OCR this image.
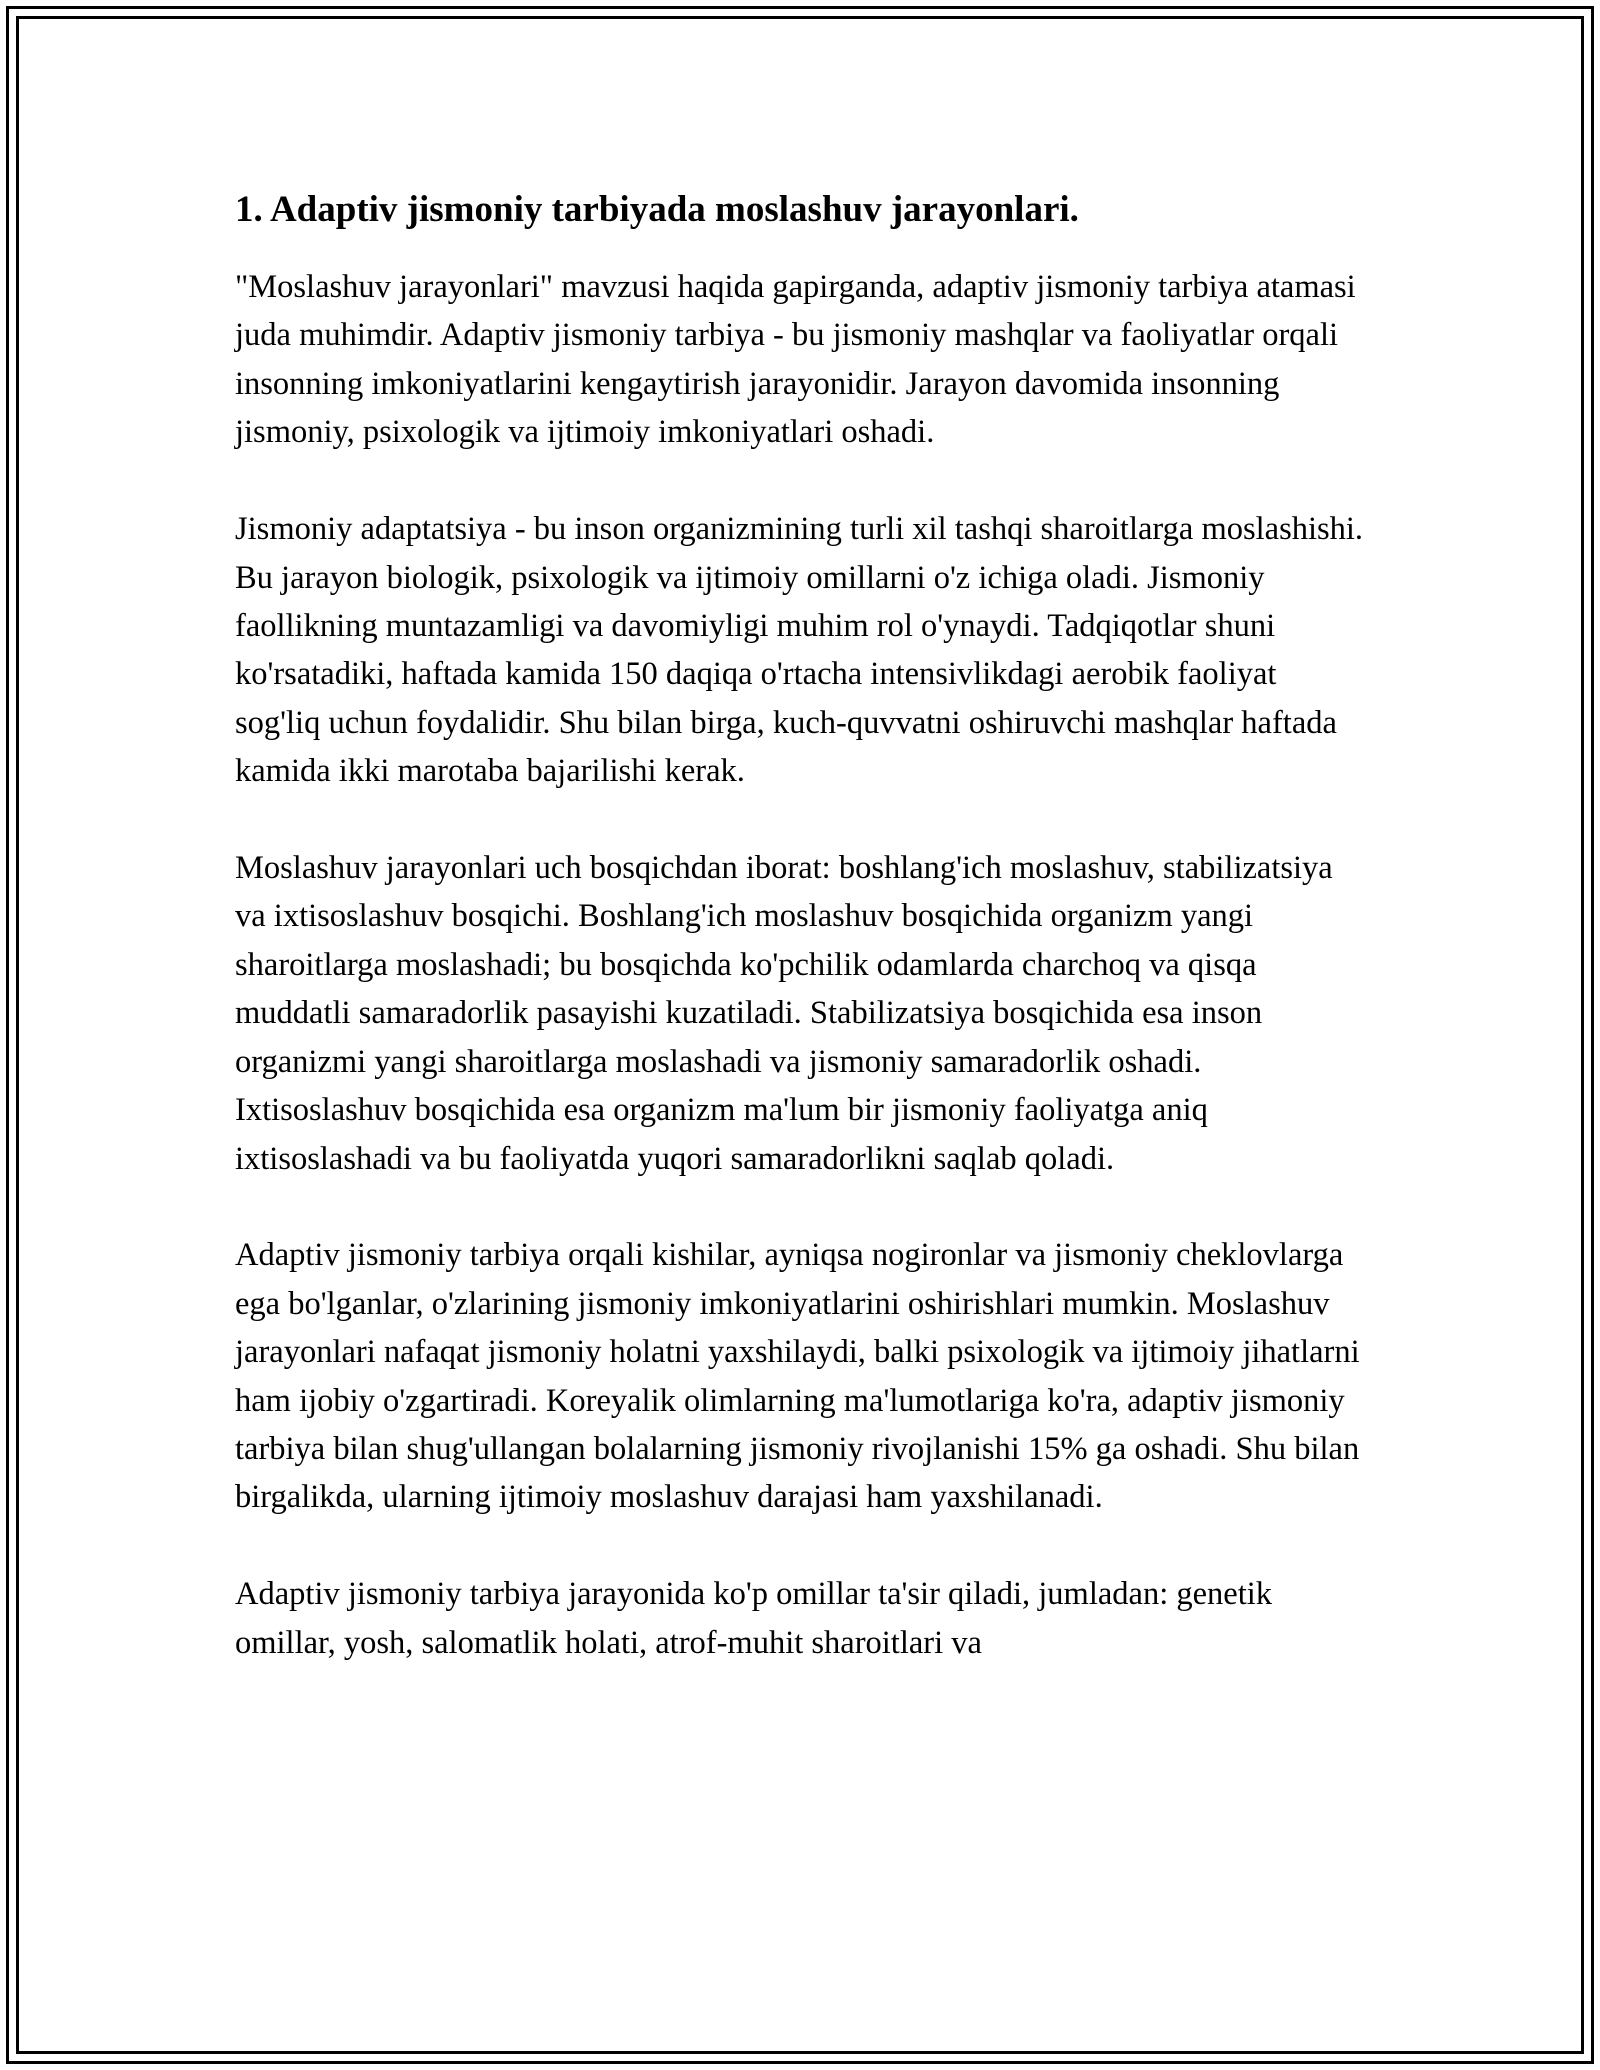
1. Adaptiv jismoniy tarbiyada moslashuv jarayonlari.

"Moslashuv jarayonlari" mavzusi haqida gapirganda, adaptiv jismoniy tarbiya atamasi juda muhimdir. Adaptiv jismoniy tarbiya - bu jismoniy mashqlar va faoliyatlar orqali insonning imkoniyatlarini kengaytirish jarayonidir. Jarayon davomida insonning jismoniy, psixologik va ijtimoiy imkoniyatlari oshadi.

Jismoniy adaptatsiya - bu inson organizmining turli xil tashqi sharoitlarga moslashishi. Bu jarayon biologik, psixologik va ijtimoiy omillarni o'z ichiga oladi. Jismoniy faollikning muntazamligi va davomiyligi muhim rol o'ynaydi. Tadqiqotlar shuni ko'rsatadiki, haftada kamida 150 daqiqa o'rtacha intensivlikdagi aerobik faoliyat sog'liq uchun foydalidir. Shu bilan birga, kuch-quvvatni oshiruvchi mashqlar haftada kamida ikki marotaba bajarilishi kerak.

Moslashuv jarayonlari uch bosqichdan iborat: boshlang'ich moslashuv, stabilizatsiya va ixtisoslashuv bosqichi. Boshlang'ich moslashuv bosqichida organizm yangi sharoitlarga moslashadi; bu bosqichda ko'pchilik odamlarda charchoq va qisqa muddatli samaradorlik pasayishi kuzatiladi. Stabilizatsiya bosqichida esa inson organizmi yangi sharoitlarga moslashadi va jismoniy samaradorlik oshadi. Ixtisoslashuv bosqichida esa organizm ma'lum bir jismoniy faoliyatga aniq ixtisoslashadi va bu faoliyatda yuqori samaradorlikni saqlab qoladi.

Adaptiv jismoniy tarbiya orqali kishilar, ayniqsa nogironlar va jismoniy cheklovlarga ega bo'lganlar, o'zlarining jismoniy imkoniyatlarini oshirishlari mumkin. Moslashuv jarayonlari nafaqat jismoniy holatni yaxshilaydi, balki psixologik va ijtimoiy jihatlarni ham ijobiy o'zgartiradi. Koreyalik olimlarning ma'lumotlariga ko'ra, adaptiv jismoniy tarbiya bilan shug'ullangan bolalarning jismoniy rivojlanishi 15% ga oshadi. Shu bilan birgalikda, ularning ijtimoiy moslashuv darajasi ham yaxshilanadi.

Adaptiv jismoniy tarbiya jarayonida ko'p omillar ta'sir qiladi, jumladan: genetik omillar, yosh, salomatlik holati, atrof-muhit sharoitlari va
